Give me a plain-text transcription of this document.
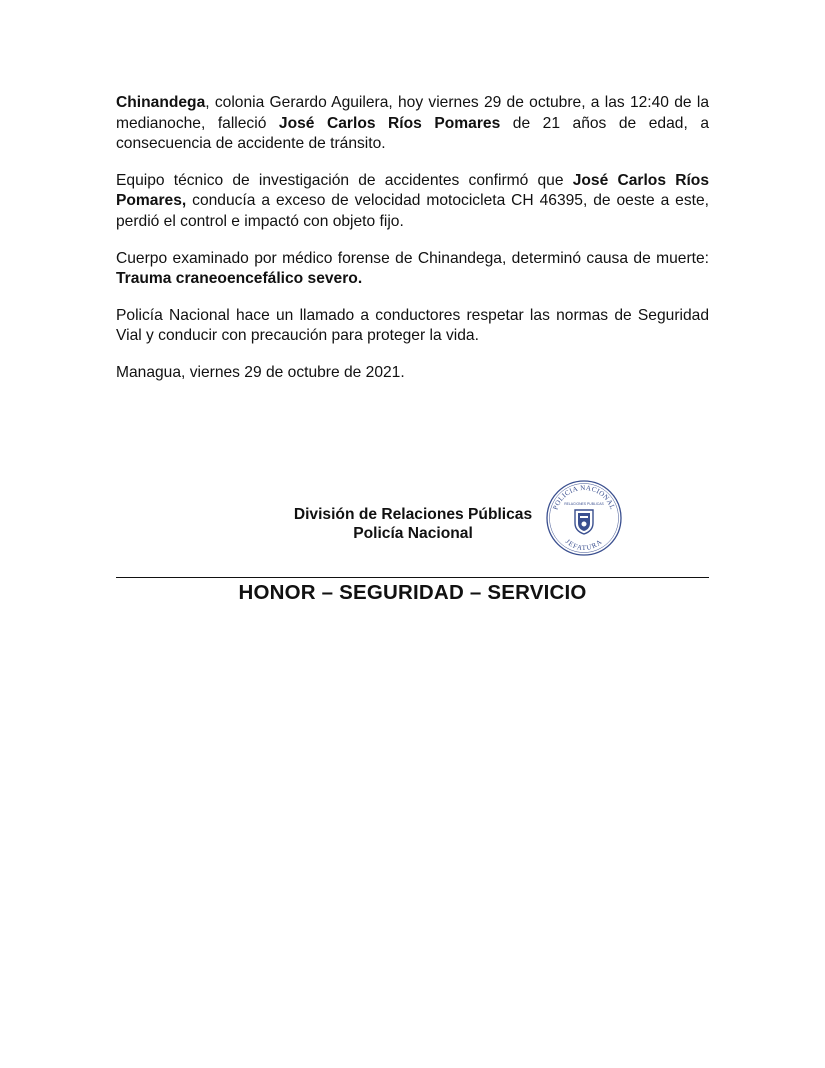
Chinandega, colonia Gerardo Aguilera, hoy viernes 29 de octubre, a las 12:40 de la medianoche, falleció José Carlos Ríos Pomares de 21 años de edad, a consecuencia de accidente de tránsito.

Equipo técnico de investigación de accidentes confirmó que José Carlos Ríos Pomares, conducía a exceso de velocidad motocicleta CH 46395, de oeste a este, perdió el control e impactó con objeto fijo.

Cuerpo examinado por médico forense de Chinandega, determinó causa de muerte: Trauma craneoencefálico severo.

Policía Nacional hace un llamado a conductores respetar las normas de Seguridad Vial y conducir con precaución para proteger la vida.

Managua, viernes 29 de octubre de 2021.

División de Relaciones Públicas
Policía Nacional
POLICIA NACIONAL
JEFATURA
RELACIONES PUBLICAS
HONOR – SEGURIDAD – SERVICIO
